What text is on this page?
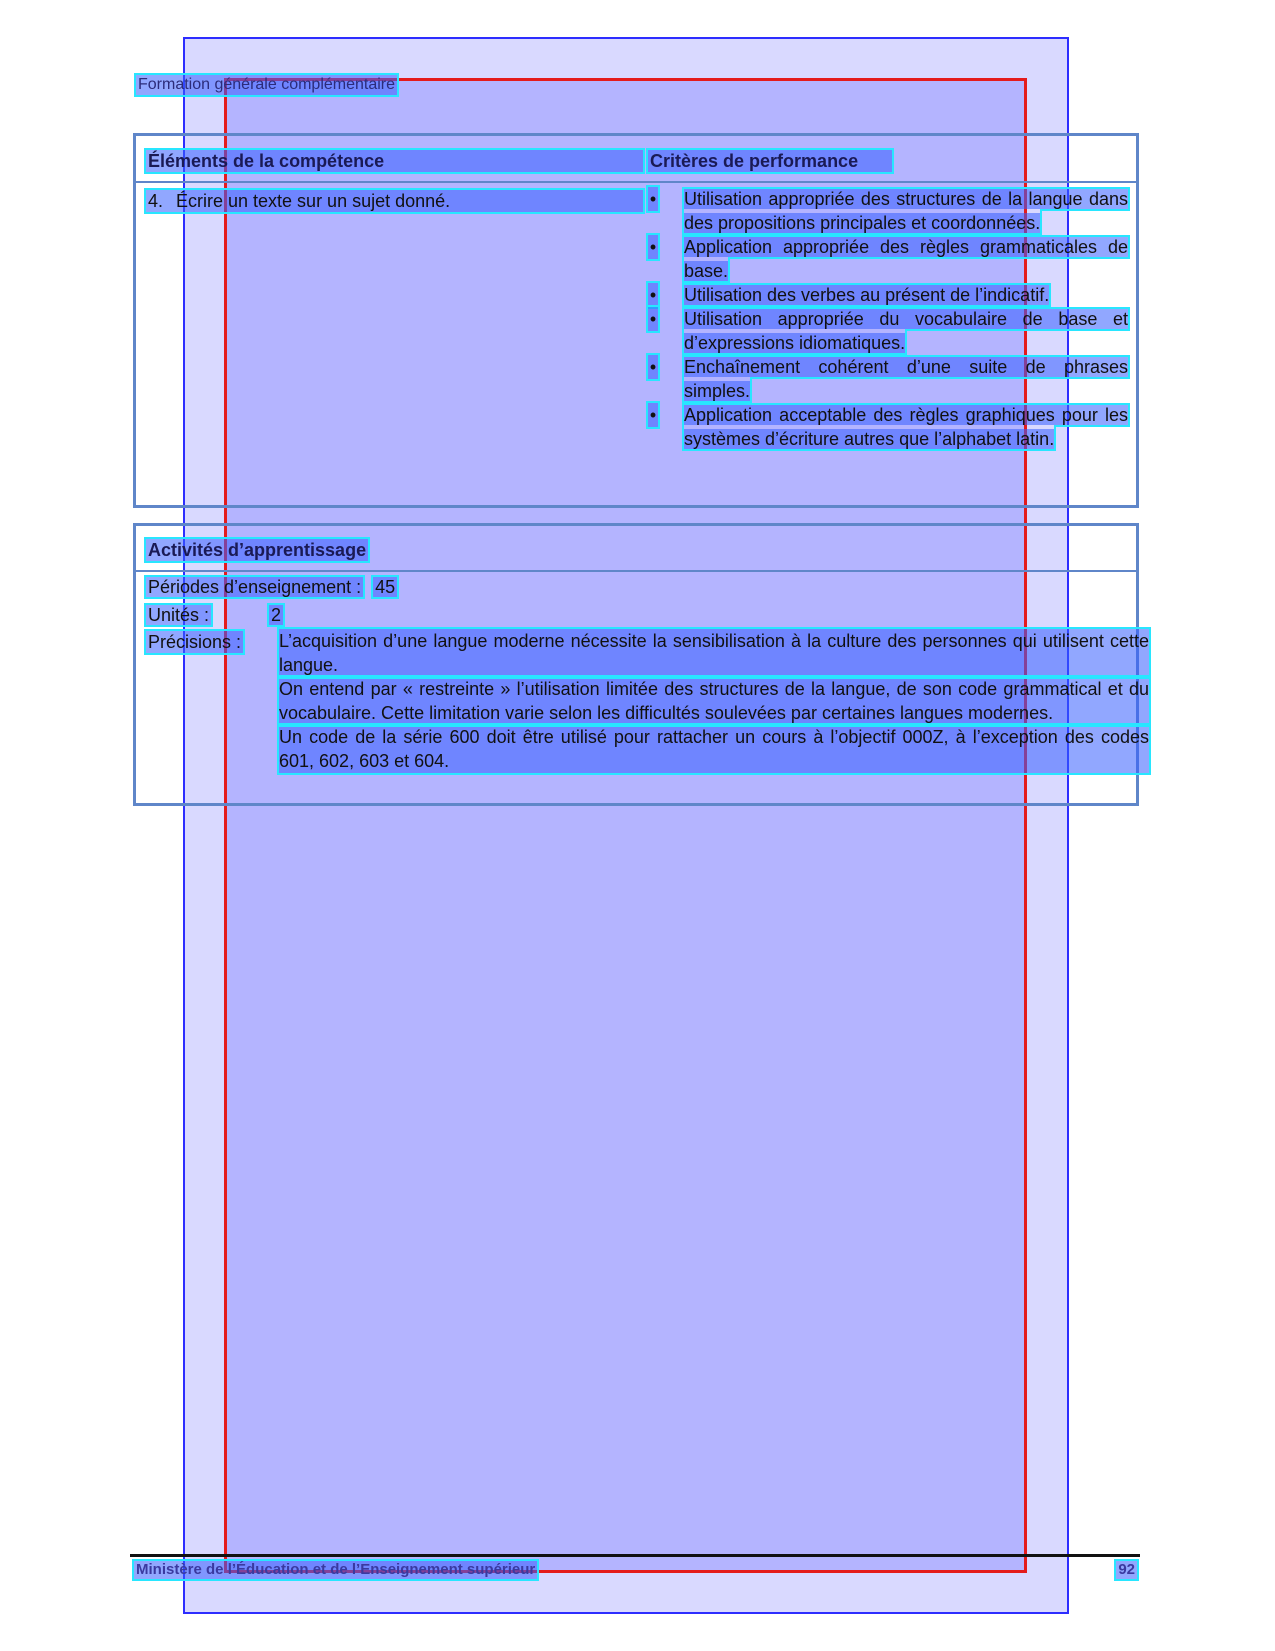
Formation générale complémentaire
Éléments de la compétence	Critères de performance
4. Écrire un texte sur un sujet donné.	• Utilisation appropriée des structures de la langue dans des propositions principales et coordonnées.
• Application appropriée des règles grammaticales de base.
• Utilisation des verbes au présent de l’indicatif.
• Utilisation appropriée du vocabulaire de base et d’expressions idiomatiques.
• Enchaînement cohérent d’une suite de phrases simples.
• Application acceptable des règles graphiques pour les systèmes d’écriture autres que l’alphabet latin.
Activités d’apprentissage
Périodes d’enseignement : 45
Unités :	2
Précisions : L’acquisition d’une langue moderne nécessite la sensibilisation à la culture des personnes qui utilisent cette langue.

On entend par « restreinte » l’utilisation limitée des structures de la langue, de son code grammatical et du vocabulaire. Cette limitation varie selon les difficultés soulevées par certaines langues modernes.

Un code de la série 600 doit être utilisé pour rattacher un cours à l’objectif 000Z, à l’exception des codes 601, 602, 603 et 604.

Ministère de l’Éducation et de l’Enseignement supérieur	92
